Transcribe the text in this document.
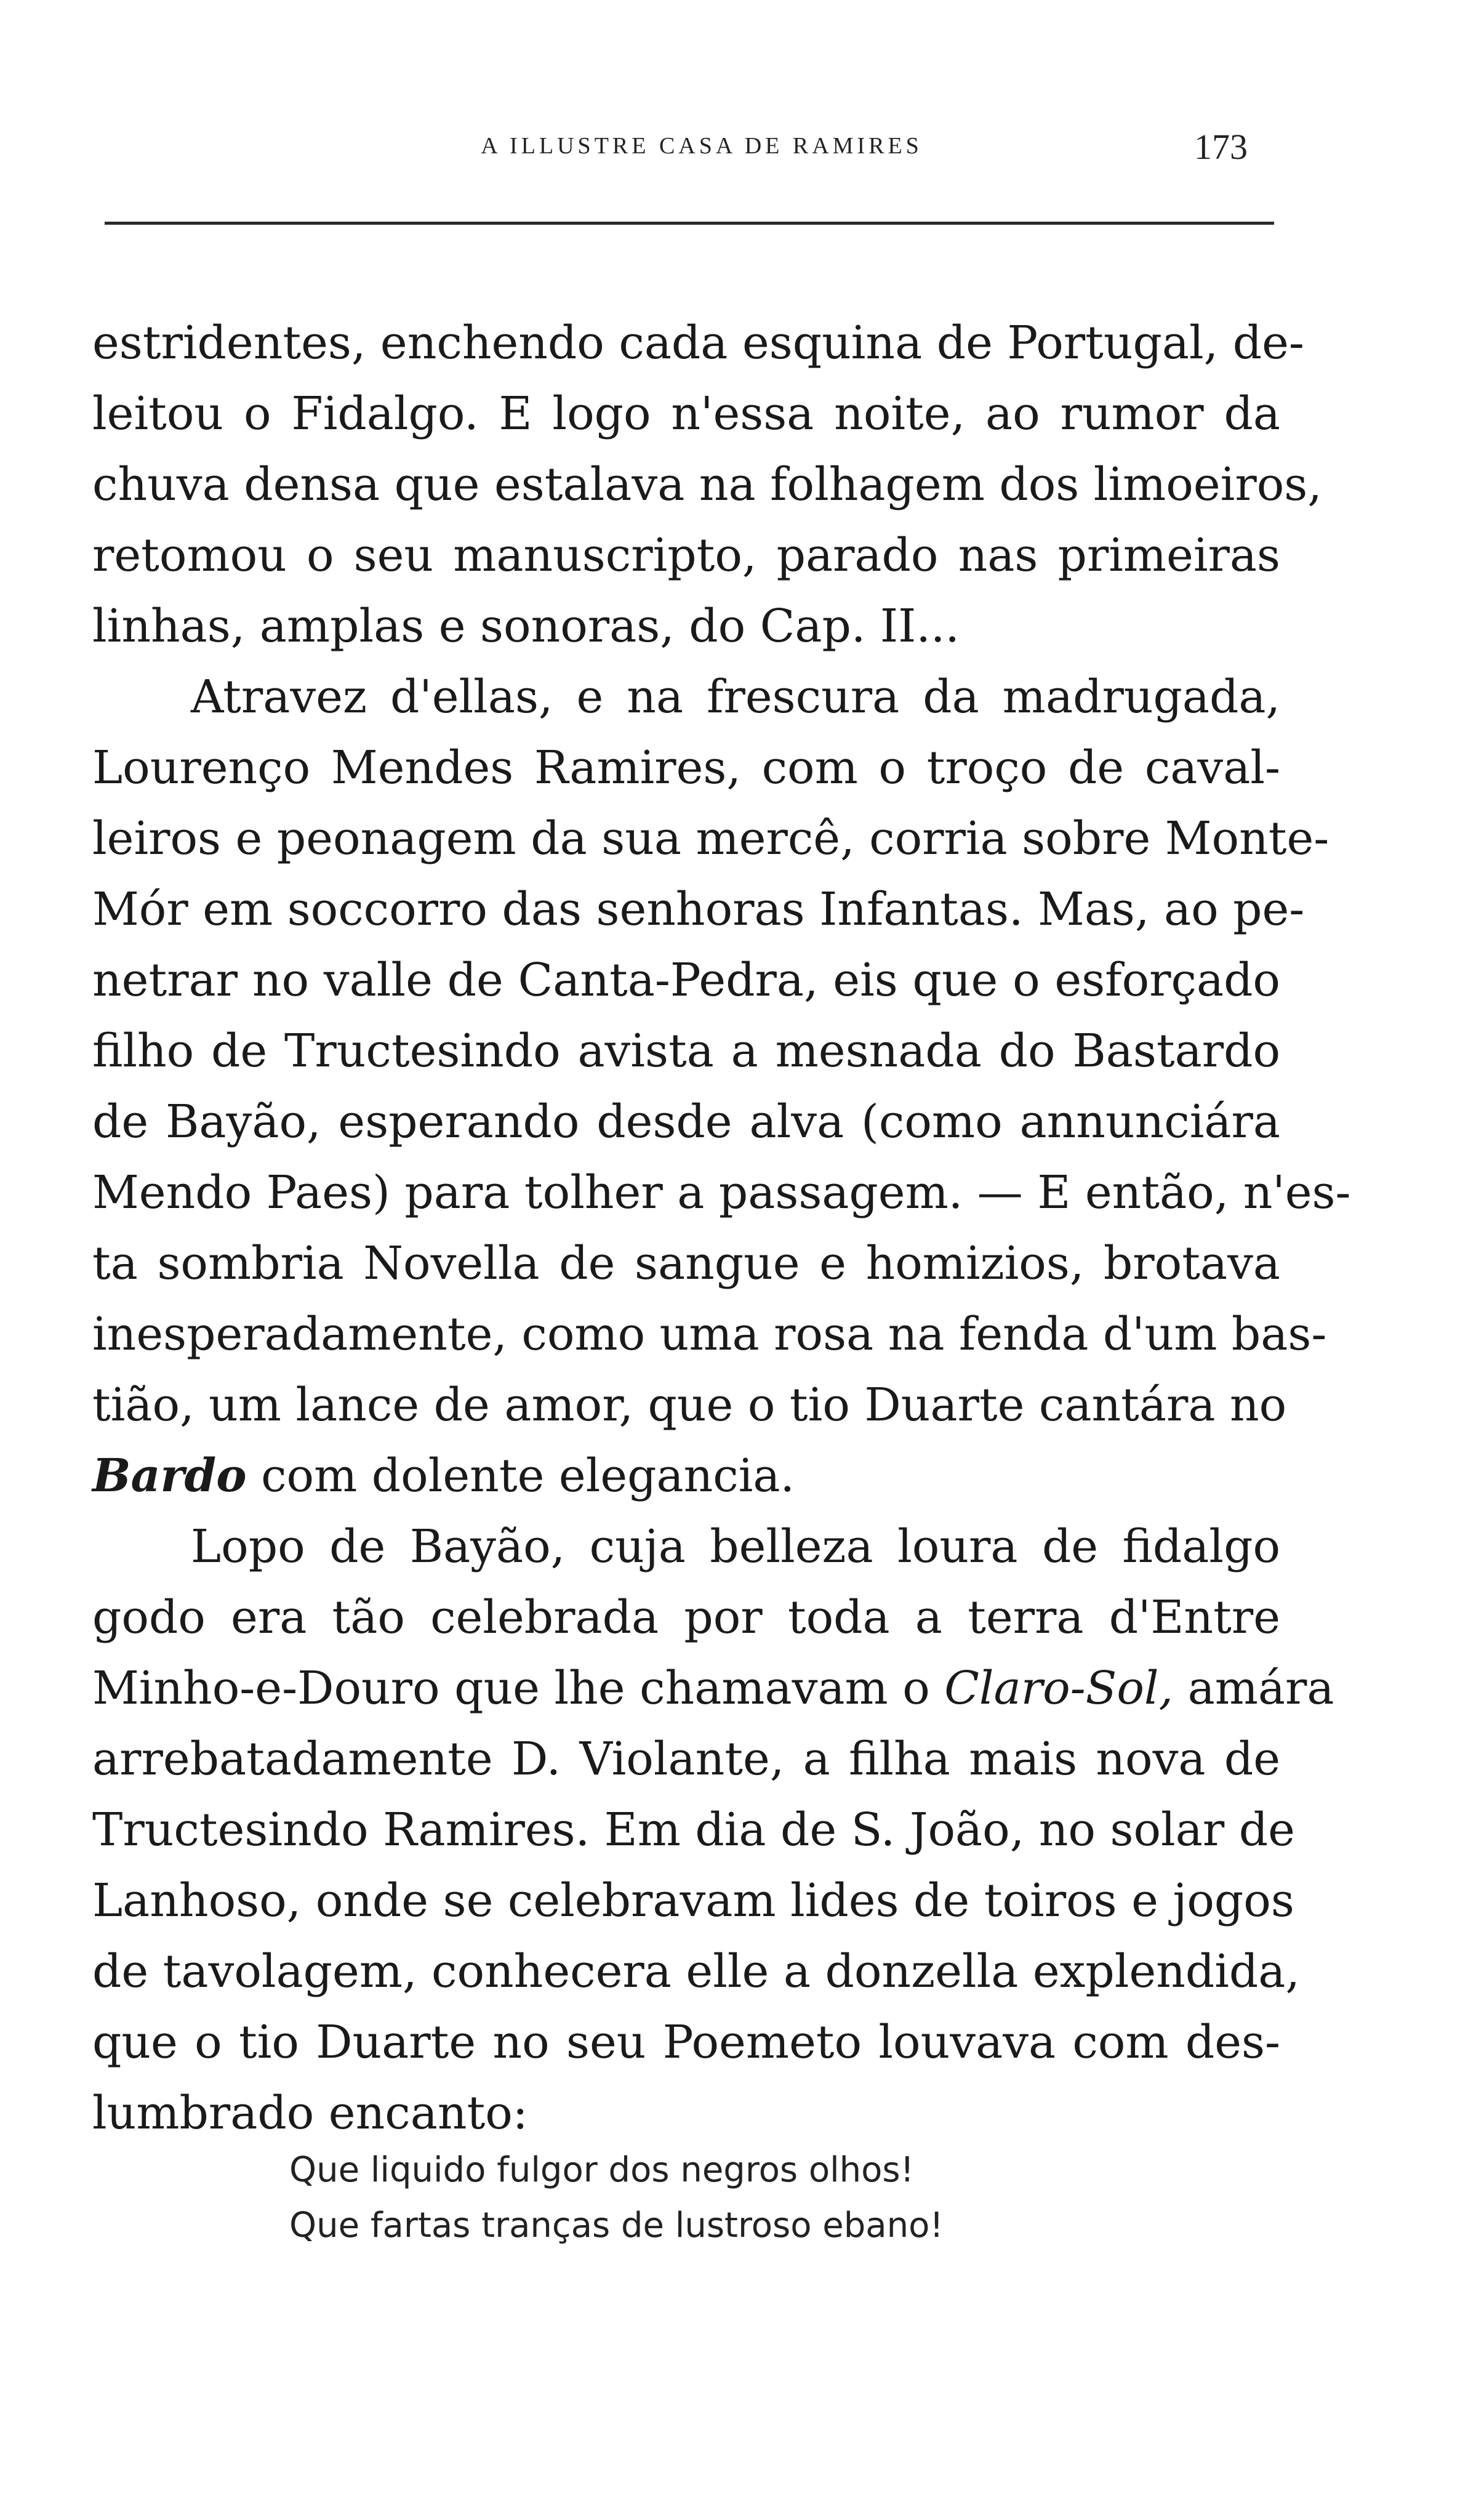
A ILLUSTRE CASA DE RAMIRES	173
estridentes, enchendo cada esquina de Portugal, de-
leitou o Fidalgo. E logo n'essa noite, ao rumor da
chuva densa que estalava na folhagem dos limoeiros,
retomou o seu manuscripto, parado nas primeiras
linhas, amplas e sonoras, do Cap. II...
Atravez d'ellas, e na frescura da madrugada,
Lourenço Mendes Ramires, com o troço de caval-
leiros e peonagem da sua mercê, corria sobre Monte-
Mór em soccorro das senhoras Infantas. Mas, ao pe-
netrar no valle de Canta-Pedra, eis que o esforçado
filho de Tructesindo avista a mesnada do Bastardo
de Bayão, esperando desde alva (como annunciára
Mendo Paes) para tolher a passagem. — E então, n'es-
ta sombria Novella de sangue e homizios, brotava
inesperadamente, como uma rosa na fenda d'um bas-
tião, um lance de amor, que o tio Duarte cantára no
Bardo com dolente elegancia.
Lopo de Bayão, cuja belleza loura de fidalgo
godo era tão celebrada por toda a terra d'Entre
Minho-e-Douro que lhe chamavam o Claro-Sol, amára
arrebatadamente D. Violante, a filha mais nova de
Tructesindo Ramires. Em dia de S. João, no solar de
Lanhoso, onde se celebravam lides de toiros e jogos
de tavolagem, conhecera elle a donzella explendida,
que o tio Duarte no seu Poemeto louvava com des-
lumbrado encanto:
Que liquido fulgor dos negros olhos!
Que fartas tranças de lustroso ebano!
